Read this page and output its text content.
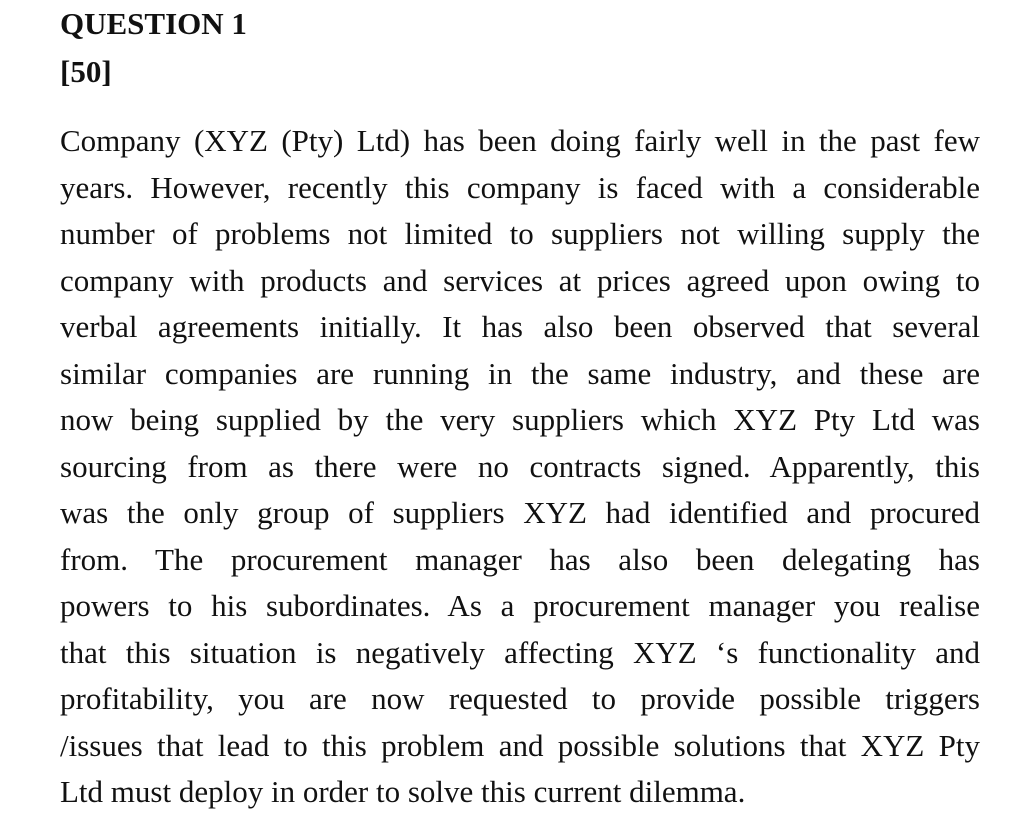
QUESTION 1
[50]
Company (XYZ (Pty) Ltd) has been doing fairly well in the past few
years. However, recently this company is faced with a considerable
number of problems not limited to suppliers not willing supply the
company with products and services at prices agreed upon owing to
verbal agreements initially. It has also been observed that several
similar companies are running in the same industry, and these are
now being supplied by the very suppliers which XYZ Pty Ltd was
sourcing from as there were no contracts signed. Apparently, this
was the only group of suppliers XYZ had identified and procured
from. The procurement manager has also been delegating has
powers to his subordinates. As a procurement manager you realise
that this situation is negatively affecting XYZ ‘s functionality and
profitability, you are now requested to provide possible triggers
/issues that lead to this problem and possible solutions that XYZ Pty
Ltd must deploy in order to solve this current dilemma.
